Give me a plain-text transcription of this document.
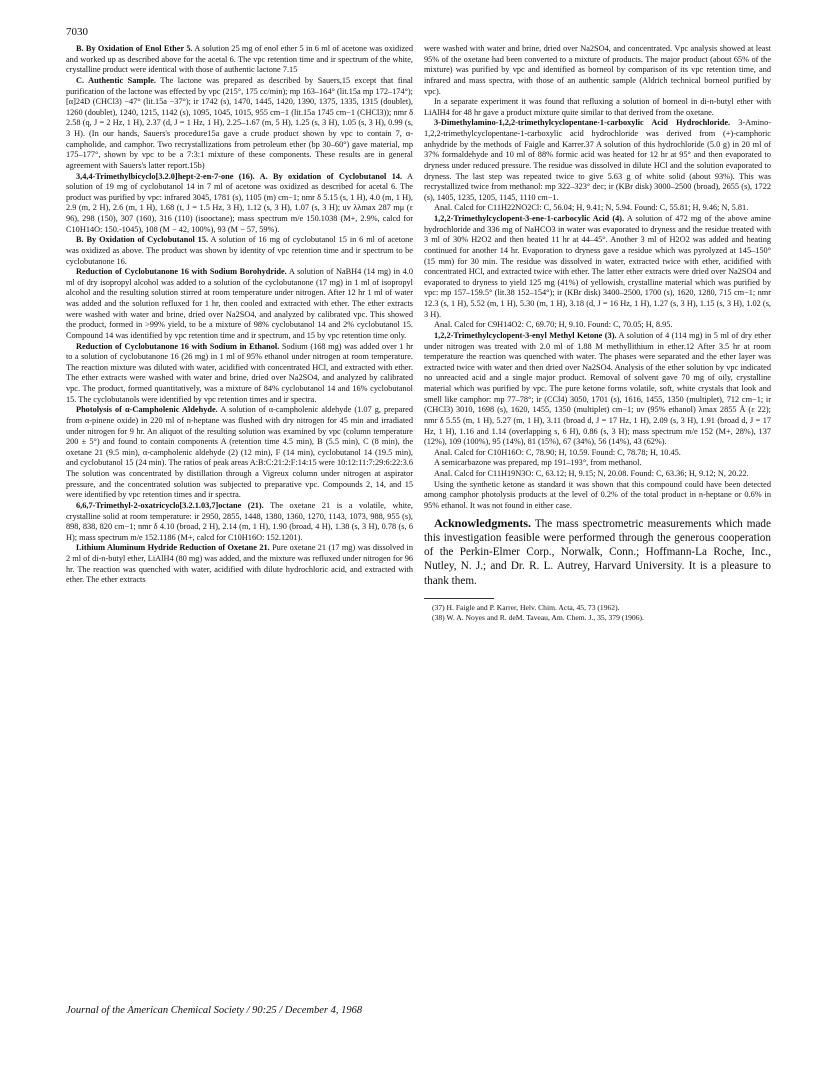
7030

B. By Oxidation of Enol Ether 5. A solution 25 mg of enol ether 5 in 6 ml of acetone was oxidized and worked up as described above for the acetal 6. The vpc retention time and ir spectrum of the white, crystalline product were identical with those of authentic lactone 7.15

C. Authentic Sample. The lactone was prepared as described by Sauers,15 except that final purification of the lactone was effected by vpc (215°, 175 cc/min); mp 163–164° (lit.15a mp 172–174°); [α]24D (CHCl3) −47° (lit.15a −37°); ir 1742 (s), 1470, 1445, 1420, 1390, 1375, 1335, 1315 (doublet), 1260 (doublet), 1240, 1215, 1142 (s), 1095, 1045, 1015, 955 cm−1 (lit.15a 1745 cm−1 (CHCl3)); nmr δ 2.58 (q, J = 2 Hz, 1 H), 2.37 (d, J = 1 Hz, 1 H), 2.25–1.67 (m, 5 H), 1.25 (s, 3 H), 1.05 (s, 3 H), 0.99 (s, 3 H). (In our hands, Sauers's procedure15a gave a crude product shown by vpc to contain 7, α-campholide, and camphor. Two recrystallizations from petroleum ether (bp 30–60°) gave material, mp 175–177°, shown by vpc to be a 7:3:1 mixture of these components. These results are in general agreement with Sauers's latter report.15b)

3,4,4-Trimethylbicyclo[3.2.0]hept-2-en-7-one (16). A. By oxidation of Cyclobutanol 14. A solution of 19 mg of cyclobutanol 14 in 7 ml of acetone was oxidized as described for acetal 6. The product was purified by vpc: infrared 3045, 1781 (s), 1105 (m) cm−1; nmr δ 5.15 (s, 1 H), 4.0 (m, 1 H), 2.9 (m, 2 H), 2.6 (m, 1 H), 1.68 (t, J = 1.5 Hz, 3 H), 1.12 (s, 3 H), 1.07 (s, 3 H); uv λλmax 287 mμ (ε 96), 298 (150), 307 (160), 316 (110) (isooctane); mass spectrum m/e 150.1038 (M+, 2.9%, calcd for C10H14O: 150.-1045), 108 (M − 42, 100%), 93 (M − 57, 59%).

B. By Oxidation of Cyclobutanol 15. A solution of 16 mg of cyclobutanol 15 in 6 ml of acetone was oxidized as above. The product was shown by identity of vpc retention time and ir spectrum to be cyclobutanone 16.

Reduction of Cyclobutanone 16 with Sodium Borohydride. A solution of NaBH4 (14 mg) in 4.0 ml of dry isopropyl alcohol was added to a solution of the cyclobutanone (17 mg) in 1 ml of isopropyl alcohol and the resulting solution stirred at room temperature under nitrogen. After 12 hr 1 ml of water was added and the solution refluxed for 1 hr, then cooled and extracted with ether. The ether extracts were washed with water and brine, dried over Na2SO4, and analyzed by calibrated vpc. This showed the product, formed in >99% yield, to be a mixture of 98% cyclobutanol 14 and 2% cyclobutanol 15. Compound 14 was identified by vpc retention time and ir spectrum, and 15 by vpc retention time only.

Reduction of Cyclobutanone 16 with Sodium in Ethanol. Sodium (168 mg) was added over 1 hr to a solution of cyclobutanone 16 (26 mg) in 1 ml of 95% ethanol under nitrogen at room temperature. The reaction mixture was diluted with water, acidified with concentrated HCl, and extracted with ether. The ether extracts were washed with water and brine, dried over Na2SO4, and analyzed by calibrated vpc. The product, formed quantitatively, was a mixture of 84% cyclobutanol 14 and 16% cyclobutanol 15. The cyclobutanols were identified by vpc retention times and ir spectra.

Photolysis of α-Campholenic Aldehyde. A solution of α-campholenic aldehyde (1.07 g, prepared from α-pinene oxide) in 220 ml of n-heptane was flushed with dry nitrogen for 45 min and irradiated under nitrogen for 9 hr. An aliquot of the resulting solution was examined by vpc (column temperature 200 ± 5°) and found to contain components A (retention time 4.5 min), B (5.5 min), C (8 min), the oxetane 21 (9.5 min), α-campholenic aldehyde (2) (12 min), F (14 min), cyclobutanol 14 (19.5 min), and cyclobutanol 15 (24 min). The ratios of peak areas A:B:C:21:2:F:14:15 were 10:12:11:7:29:6:22:3.6 The solution was concentrated by distillation through a Vigreux column under nitrogen at aspirator pressure, and the concentrated solution was subjected to preparative vpc. Compounds 2, 14, and 15 were identified by vpc retention times and ir spectra.

6,6,7-Trimethyl-2-oxatricyclo[3.2.1.03,7]octane (21). The oxetane 21 is a volatile, white, crystalline solid at room temperature: ir 2950, 2855, 1448, 1380, 1360, 1270, 1143, 1073, 988, 955 (s), 898, 838, 820 cm−1; nmr δ 4.10 (broad, 2 H), 2.14 (m, 1 H), 1.90 (broad, 4 H), 1.38 (s, 3 H), 0.78 (s, 6 H); mass spectrum m/e 152.1186 (M+, calcd for C10H16O: 152.1201).

Lithium Aluminum Hydride Reduction of Oxetane 21. Pure oxetane 21 (17 mg) was dissolved in 2 ml of di-n-butyl ether, LiAlH4 (80 mg) was added, and the mixture was refluxed under nitrogen for 96 hr. The reaction was quenched with water, acidified with dilute hydrochloric acid, and extracted with ether. The ether extracts

were washed with water and brine, dried over Na2SO4, and concentrated. Vpc analysis showed at least 95% of the oxetane had been converted to a mixture of products. The major product (about 65% of the mixture) was purified by vpc and identified as borneol by comparison of its vpc retention time, and infrared and mass spectra, with those of an authentic sample (Aldrich technical borneol purified by vpc).

In a separate experiment it was found that refluxing a solution of borneol in di-n-butyl ether with LiAlH4 for 48 hr gave a product mixture quite similar to that derived from the oxetane.

3-Dimethylamino-1,2,2-trimethylcyclopentane-1-carboxylic Acid Hydrochloride. 3-Amino-1,2,2-trimethylcyclopentane-1-carboxylic acid hydrochloride was derived from (+)-camphoric anhydride by the methods of Faigle and Karrer.37 A solution of this hydrochloride (5.0 g) in 20 ml of 37% formaldehyde and 10 ml of 88% formic acid was heated for 12 hr at 95° and then evaporated to dryness under reduced pressure. The residue was dissolved in dilute HCl and the solution evaporated to dryness. The last step was repeated twice to give 5.63 g of white solid (about 93%). This was recrystallized twice from methanol: mp 322–323° dec; ir (KBr disk) 3000–2500 (broad), 2655 (s), 1722 (s), 1405, 1235, 1205, 1145, 1110 cm−1.

Anal. Calcd for C11H22NO2Cl: C, 56.04; H, 9.41; N, 5.94. Found: C, 55.81; H, 9.46; N, 5.81.

1,2,2-Trimethylcyclopent-3-ene-1-carbocylic Acid (4). A solution of 472 mg of the above amine hydrochloride and 336 mg of NaHCO3 in water was evaporated to dryness and the residue treated with 3 ml of 30% H2O2 and then heated 11 hr at 44–45°. Another 3 ml of H2O2 was added and heating continued for another 14 hr. Evaporation to dryness gave a residue which was pyrolyzed at 145–150° (15 mm) for 30 min. The residue was dissolved in water, extracted twice with ether, acidified with concentrated HCl, and extracted twice with ether. The latter ether extracts were dried over Na2SO4 and evaporated to dryness to yield 125 mg (41%) of yellowish, crystalline material which was purified by vpc: mp 157–159.5° (lit.38 152–154°); ir (KBr disk) 3400–2500, 1700 (s), 1620, 1280, 715 cm−1; nmr 12.3 (s, 1 H), 5.52 (m, 1 H), 5.30 (m, 1 H), 3.18 (d, J = 16 Hz, 1 H), 1.27 (s, 3 H), 1.15 (s, 3 H), 1.02 (s, 3 H).

Anal. Calcd for C9H14O2: C, 69.70; H, 9.10. Found: C, 70.05; H, 8.95.

1,2,2-Trimethylcyclopent-3-enyl Methyl Ketone (3). A solution of 4 (114 mg) in 5 ml of dry ether under nitrogen was treated with 2.0 ml of 1.88 M methyllithium in ether.12 After 3.5 hr at room temperature the reaction was quenched with water. The phases were separated and the ether layer was extracted twice with water and then dried over Na2SO4. Analysis of the ether solution by vpc indicated no unreacted acid and a single major product. Removal of solvent gave 70 mg of oily, crystalline material which was purified by vpc. The pure ketone forms volatile, soft, white crystals that look and smell like camphor: mp 77–78°; ir (CCl4) 3050, 1701 (s), 1616, 1455, 1350 (multiplet), 712 cm−1; ir (CHCl3) 3010, 1698 (s), 1620, 1455, 1350 (multiplet) cm−1; uv (95% ethanol) λmax 2855 Å (ε 22); nmr δ 5.55 (m, 1 H), 5.27 (m, 1 H), 3.11 (broad d, J = 17 Hz, 1 H), 2.09 (s, 3 H), 1.91 (broad d, J = 17 Hz, 1 H), 1.16 and 1.14 (overlapping s, 6 H), 0.86 (s, 3 H); mass spectrum m/e 152 (M+, 28%), 137 (12%), 109 (100%), 95 (14%), 81 (15%), 67 (34%), 56 (14%), 43 (62%).

Anal. Calcd for C10H16O: C, 78.90; H, 10.59. Found: C, 78.78; H, 10.45.

A semicarbazone was prepared, mp 191–193°, from methanol.

Anal. Calcd for C11H19N3O: C, 63.12; H, 9.15; N, 20.08. Found: C, 63.36; H, 9.12; N, 20.22.

Using the synthetic ketone as standard it was shown that this compound could have been detected among camphor photolysis products at the level of 0.2% of the total product in n-heptane or 0.6% in 95% ethanol. It was not found in either case.

Acknowledgments. The mass spectrometric measurements which made this investigation feasible were performed through the generous cooperation of the Perkin-Elmer Corp., Norwalk, Conn.; Hoffmann-La Roche, Inc., Nutley, N. J.; and Dr. R. L. Autrey, Harvard University. It is a pleasure to thank them.

(37) H. Faigle and P. Karrer, Helv. Chim. Acta, 45, 73 (1962).

(38) W. A. Noyes and R. deM. Taveau, Am. Chem. J., 35, 379 (1906).

Journal of the American Chemical Society / 90:25 / December 4, 1968
